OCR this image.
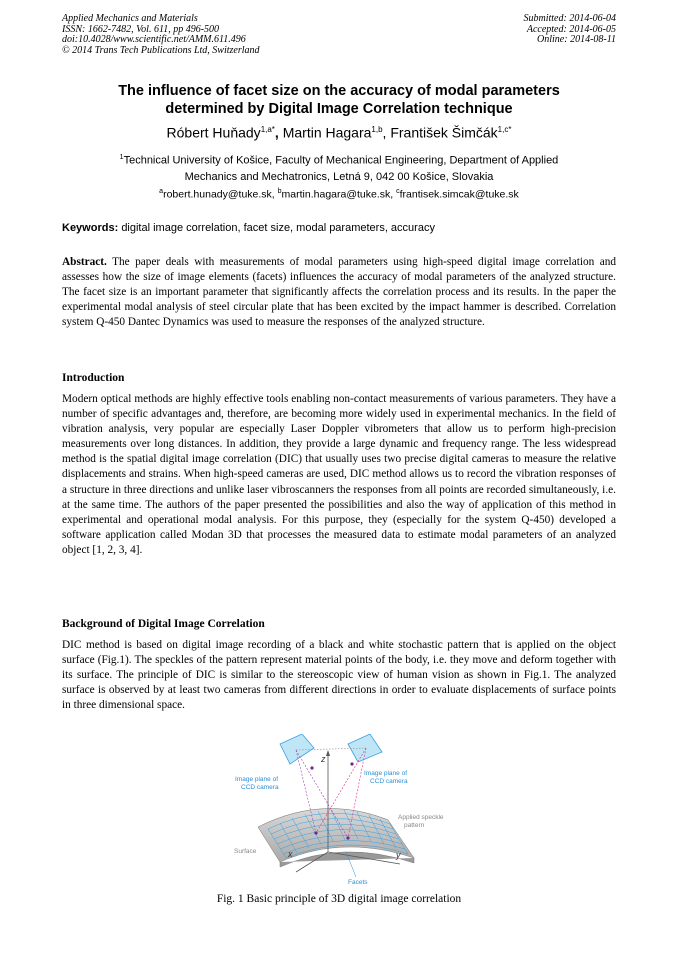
Applied Mechanics and Materials
ISSN: 1662-7482, Vol. 611, pp 496-500
doi:10.4028/www.scientific.net/AMM.611.496
© 2014 Trans Tech Publications Ltd, Switzerland
Submitted: 2014-06-04
Accepted: 2014-06-05
Online: 2014-08-11
The influence of facet size on the accuracy of modal parameters
determined by Digital Image Correlation technique
Róbert Huňady$^{1,a*}$, Martin Hagara$^{1,b}$, František Šimčák$^{1,c*}$
$^1$Technical University of Košice, Faculty of Mechanical Engineering, Department of Applied
Mechanics and Mechatronics, Letná 9, 042 00 Košice, Slovakia
$^a$robert.hunady@tuke.sk, $^b$martin.hagara@tuke.sk, $^c$frantisek.simcak@tuke.sk
Keywords: digital image correlation, facet size, modal parameters, accuracy
Abstract. The paper deals with measurements of modal parameters using high-speed digital image correlation and assesses how the size of image elements (facets) influences the accuracy of modal parameters of the analyzed structure. The facet size is an important parameter that significantly affects the correlation process and its results. In the paper the experimental modal analysis of steel circular plate that has been excited by the impact hammer is described. Correlation system Q-450 Dantec Dynamics was used to measure the responses of the analyzed structure.
Introduction
Modern optical methods are highly effective tools enabling non-contact measurements of various parameters. They have a number of specific advantages and, therefore, are becoming more widely used in experimental mechanics. In the field of vibration analysis, very popular are especially Laser Doppler vibrometers that allow us to perform high-precision measurements over long distances. In addition, they provide a large dynamic and frequency range. The less widespread method is the spatial digital image correlation (DIC) that usually uses two precise digital cameras to measure the relative displacements and strains. When high-speed cameras are used, DIC method allows us to record the vibration responses of a structure in three directions and unlike laser vibroscanners the responses from all points are recorded simultaneously, i.e. at the same time. The authors of the paper presented the possibilities and also the way of application of this method in experimental and operational modal analysis. For this purpose, they (especially for the system Q-450) developed a software application called Modan 3D that processes the measured data to estimate modal parameters of an analyzed object [1, 2, 3, 4].
Background of Digital Image Correlation
DIC method is based on digital image recording of a black and white stochastic pattern that is applied on the object surface (Fig.1). The speckles of the pattern represent material points of the body, i.e. they move and deform together with its surface. The principle of DIC is similar to the stereoscopic view of human vision as shown in Fig.1. The analyzed surface is observed by at least two cameras from different directions in order to evaluate displacements of surface points in three dimensional space.
z
x	y
Image plane of
CCD camera
Image plane of
CCD camera
Applied speckle
pattern
Surface
Facets
Fig. 1 Basic principle of 3D digital image correlation
